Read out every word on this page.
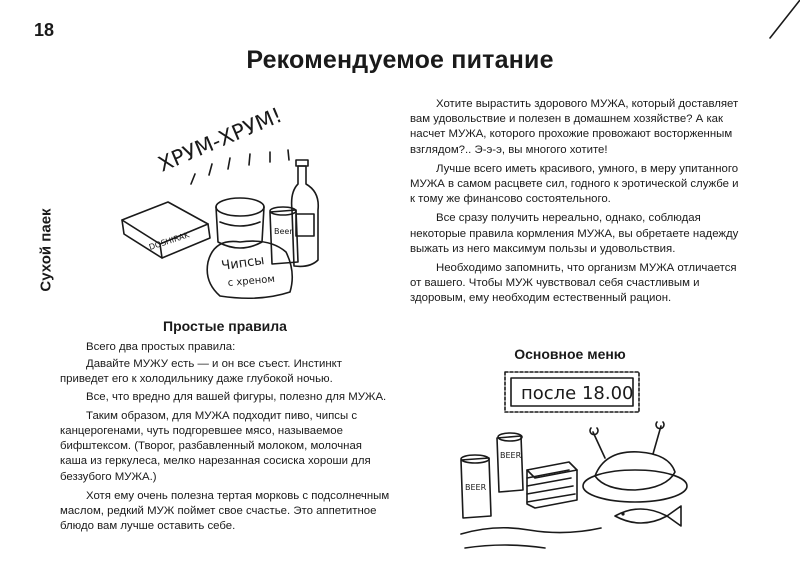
18
Рекомендуемое питание
Сухой паек
ХРУМ-ХРУМ!
DOSHIRAK	Beer
Чипсы
с хреном
Простые правила

Всего два простых правила:

Давайте МУЖУ есть — и он все съест. Инстинкт приведет его к холодильнику даже глубокой ночью.

Все, что вредно для вашей фигуры, полезно для МУЖА.

Таким образом, для МУЖА подходит пиво, чипсы с канцерогенами, чуть подгоревшее мясо, называемое бифштексом. (Творог, разбавленный молоком, молочная каша из геркулеса, мелко нарезанная сосиска хороши для беззубого МУЖА.)

Хотя ему очень полезна тертая морковь с подсолнечным маслом, редкий МУЖ поймет свое счастье. Это аппетитное блюдо вам лучше оставить себе.

Хотите вырастить здорового МУЖА, который доставляет вам удовольствие и полезен в домашнем хозяйстве? А как насчет МУЖА, которого прохожие провожают восторженным взглядом?.. Э-э-э, вы многого хотите!

Лучше всего иметь красивого, умного, в меру упитанного МУЖА в самом расцвете сил, годного к эротической службе и к тому же финансово состоятельного.

Все сразу получить нереально, однако, соблюдая некоторые правила кормления МУЖА, вы обретаете надежду выжать из него максимум пользы и удовольствия.

Необходимо запомнить, что организм МУЖА отличается от вашего. Чтобы МУЖ чувствовал себя счастливым и здоровым, ему необходим естественный рацион.

Основное меню
после 18.00
BEER
BEER
